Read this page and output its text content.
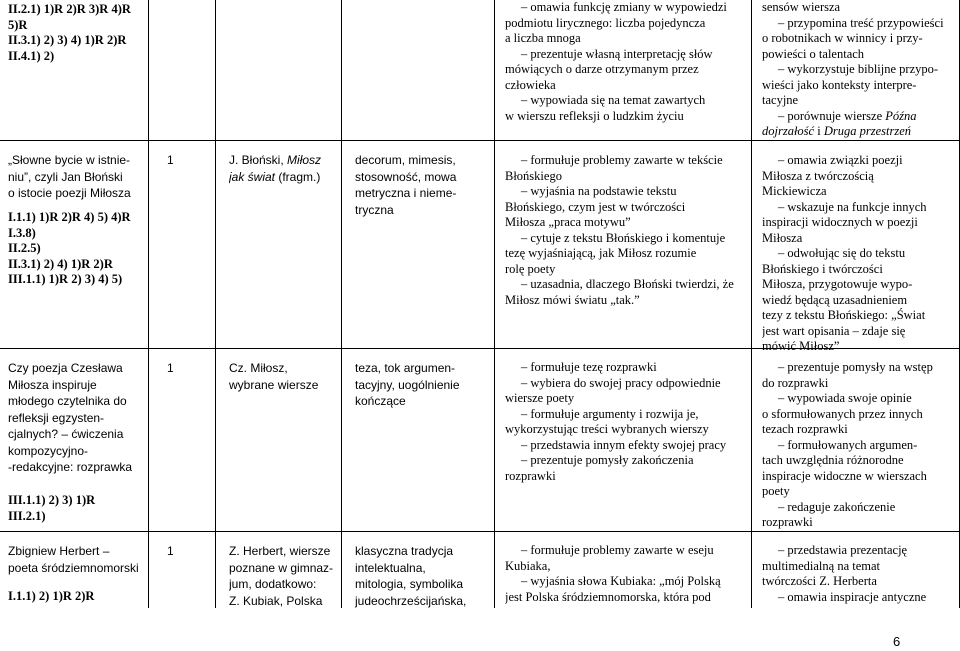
II.2.1) 1)R 2)R 3)R 4)R
5)R
II.3.1) 2) 3) 4) 1)R 2)R
II.4.1) 2)
„Słowne bycie w istnie-
niu”, czyli Jan Błoński
o istocie poezji Miłosza
I.1.1) 1)R 2)R 4) 5) 4)R
I.3.8)
II.2.5)
II.3.1) 2) 4) 1)R 2)R
III.1.1) 1)R 2) 3) 4) 5)
Czy poezja Czesława
Miłosza inspiruje
młodego czytelnika do
refleksji egzysten-
cjalnych? – ćwiczenia
kompozycyjno-
-redakcyjne: rozprawka
III.1.1) 2) 3) 1)R
III.2.1)
Zbigniew Herbert –
poeta śródziemnomorski
I.1.1) 2) 1)R 2)R
1
1
1
J. Błoński, Miłosz
jak świat (fragm.)
Cz. Miłosz,
wybrane wiersze
Z. Herbert, wiersze
poznane w gimnaz-
jum, dodatkowo:
Z. Kubiak, Polska
decorum, mimesis,
stosowność, mowa
metryczna i nieme-
tryczna
teza, tok argumen-
tacyjny, uogólnienie
kończące
klasyczna tradycja
intelektualna,
mitologia, symbolika
judeochrześcijańska,
– omawia funkcję zmiany w wypowiedzi
podmiotu lirycznego: liczba pojedyncza
a liczba mnoga
– prezentuje własną interpretację słów
mówiących o darze otrzymanym przez
człowieka
– wypowiada się na temat zawartych
w wierszu refleksji o ludzkim życiu
– formułuje problemy zawarte w tekście
Błońskiego
– wyjaśnia na podstawie tekstu
Błońskiego, czym jest w twórczości
Miłosza „praca motywu”
– cytuje z tekstu Błońskiego i komentuje
tezę wyjaśniającą, jak Miłosz rozumie
rolę poety
– uzasadnia, dlaczego Błoński twierdzi, że
Miłosz mówi światu „tak.”
– formułuje tezę rozprawki
– wybiera do swojej pracy odpowiednie
wiersze poety
– formułuje argumenty i rozwija je,
wykorzystując treści wybranych wierszy
– przedstawia innym efekty swojej pracy
– prezentuje pomysły zakończenia
rozprawki
– formułuje problemy zawarte w eseju
Kubiaka,
– wyjaśnia słowa Kubiaka: „mój Polską
jest Polska śródziemnomorska, która pod
sensów wiersza
– przypomina treść przypowieści
o robotnikach w winnicy i przy-
powieści o talentach
– wykorzystuje biblijne przypo-
wieści jako konteksty interpre-
tacyjne
– porównuje wiersze Późna
dojrzałość i Druga przestrzeń
– omawia związki poezji
Miłosza z twórczością
Mickiewicza
– wskazuje na funkcje innych
inspiracji widocznych w poezji
Miłosza
– odwołując się do tekstu
Błońskiego i twórczości
Miłosza, przygotowuje wypo-
wiedź będącą uzasadnieniem
tezy z tekstu Błońskiego: „Świat
jest wart opisania – zdaje się
mówić Miłosz”
– prezentuje pomysły na wstęp
do rozprawki
– wypowiada swoje opinie
o sformułowanych przez innych
tezach rozprawki
– formułowanych argumen-
tach uwzględnia różnorodne
inspiracje widoczne w wierszach
poety
– redaguje zakończenie
rozprawki
– przedstawia prezentację
multimedialną na temat
twórczości Z. Herberta
– omawia inspiracje antyczne
6
